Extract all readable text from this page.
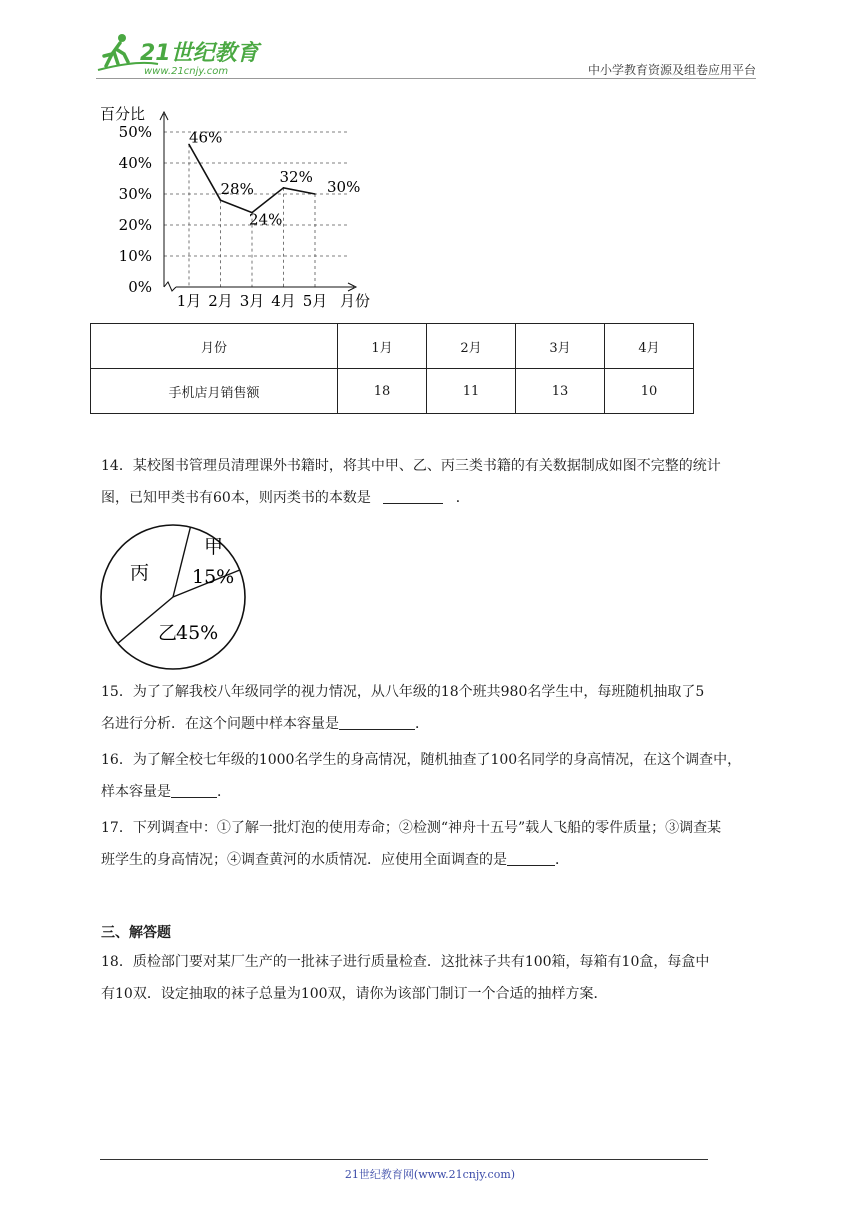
21世纪教育
www.21cnjy.com	中小学教育资源及组卷应用平台
0%
10%
20%
30%
40%
50%
百分比
1月 2月 3月 4月 5月 月份
46%
28%
24%
32%
30%
月份	1月	2月	3月	4月
手机店月销售额	18	11	13	10
14．某校图书管理员清理课外书籍时，将其中甲、乙、丙三类书籍的有关数据制成如图不完整的统计
图，已知甲类书有60本，则丙类书的本数是	．
甲
15%
乙
45%
丙
15．为了了解我校八年级同学的视力情况，从八年级的18个班共980名学生中，每班随机抽取了5
名进行分析．在这个问题中样本容量是	．
16．为了解全校七年级的1000名学生的身高情况，随机抽查了100名同学的身高情况，在这个调查中，
样本容量是	．
17．下列调查中：①了解一批灯泡的使用寿命；②检测“神舟十五号”载人飞船的零件质量；③调查某
班学生的身高情况；④调查黄河的水质情况．应使用全面调查的是	．
三、解答题
18．质检部门要对某厂生产的一批袜子进行质量检查．这批袜子共有100箱，每箱有10盒，每盒中
有10双．设定抽取的袜子总量为100双，请你为该部门制订一个合适的抽样方案．
21世纪教育网(www.21cnjy.com)
